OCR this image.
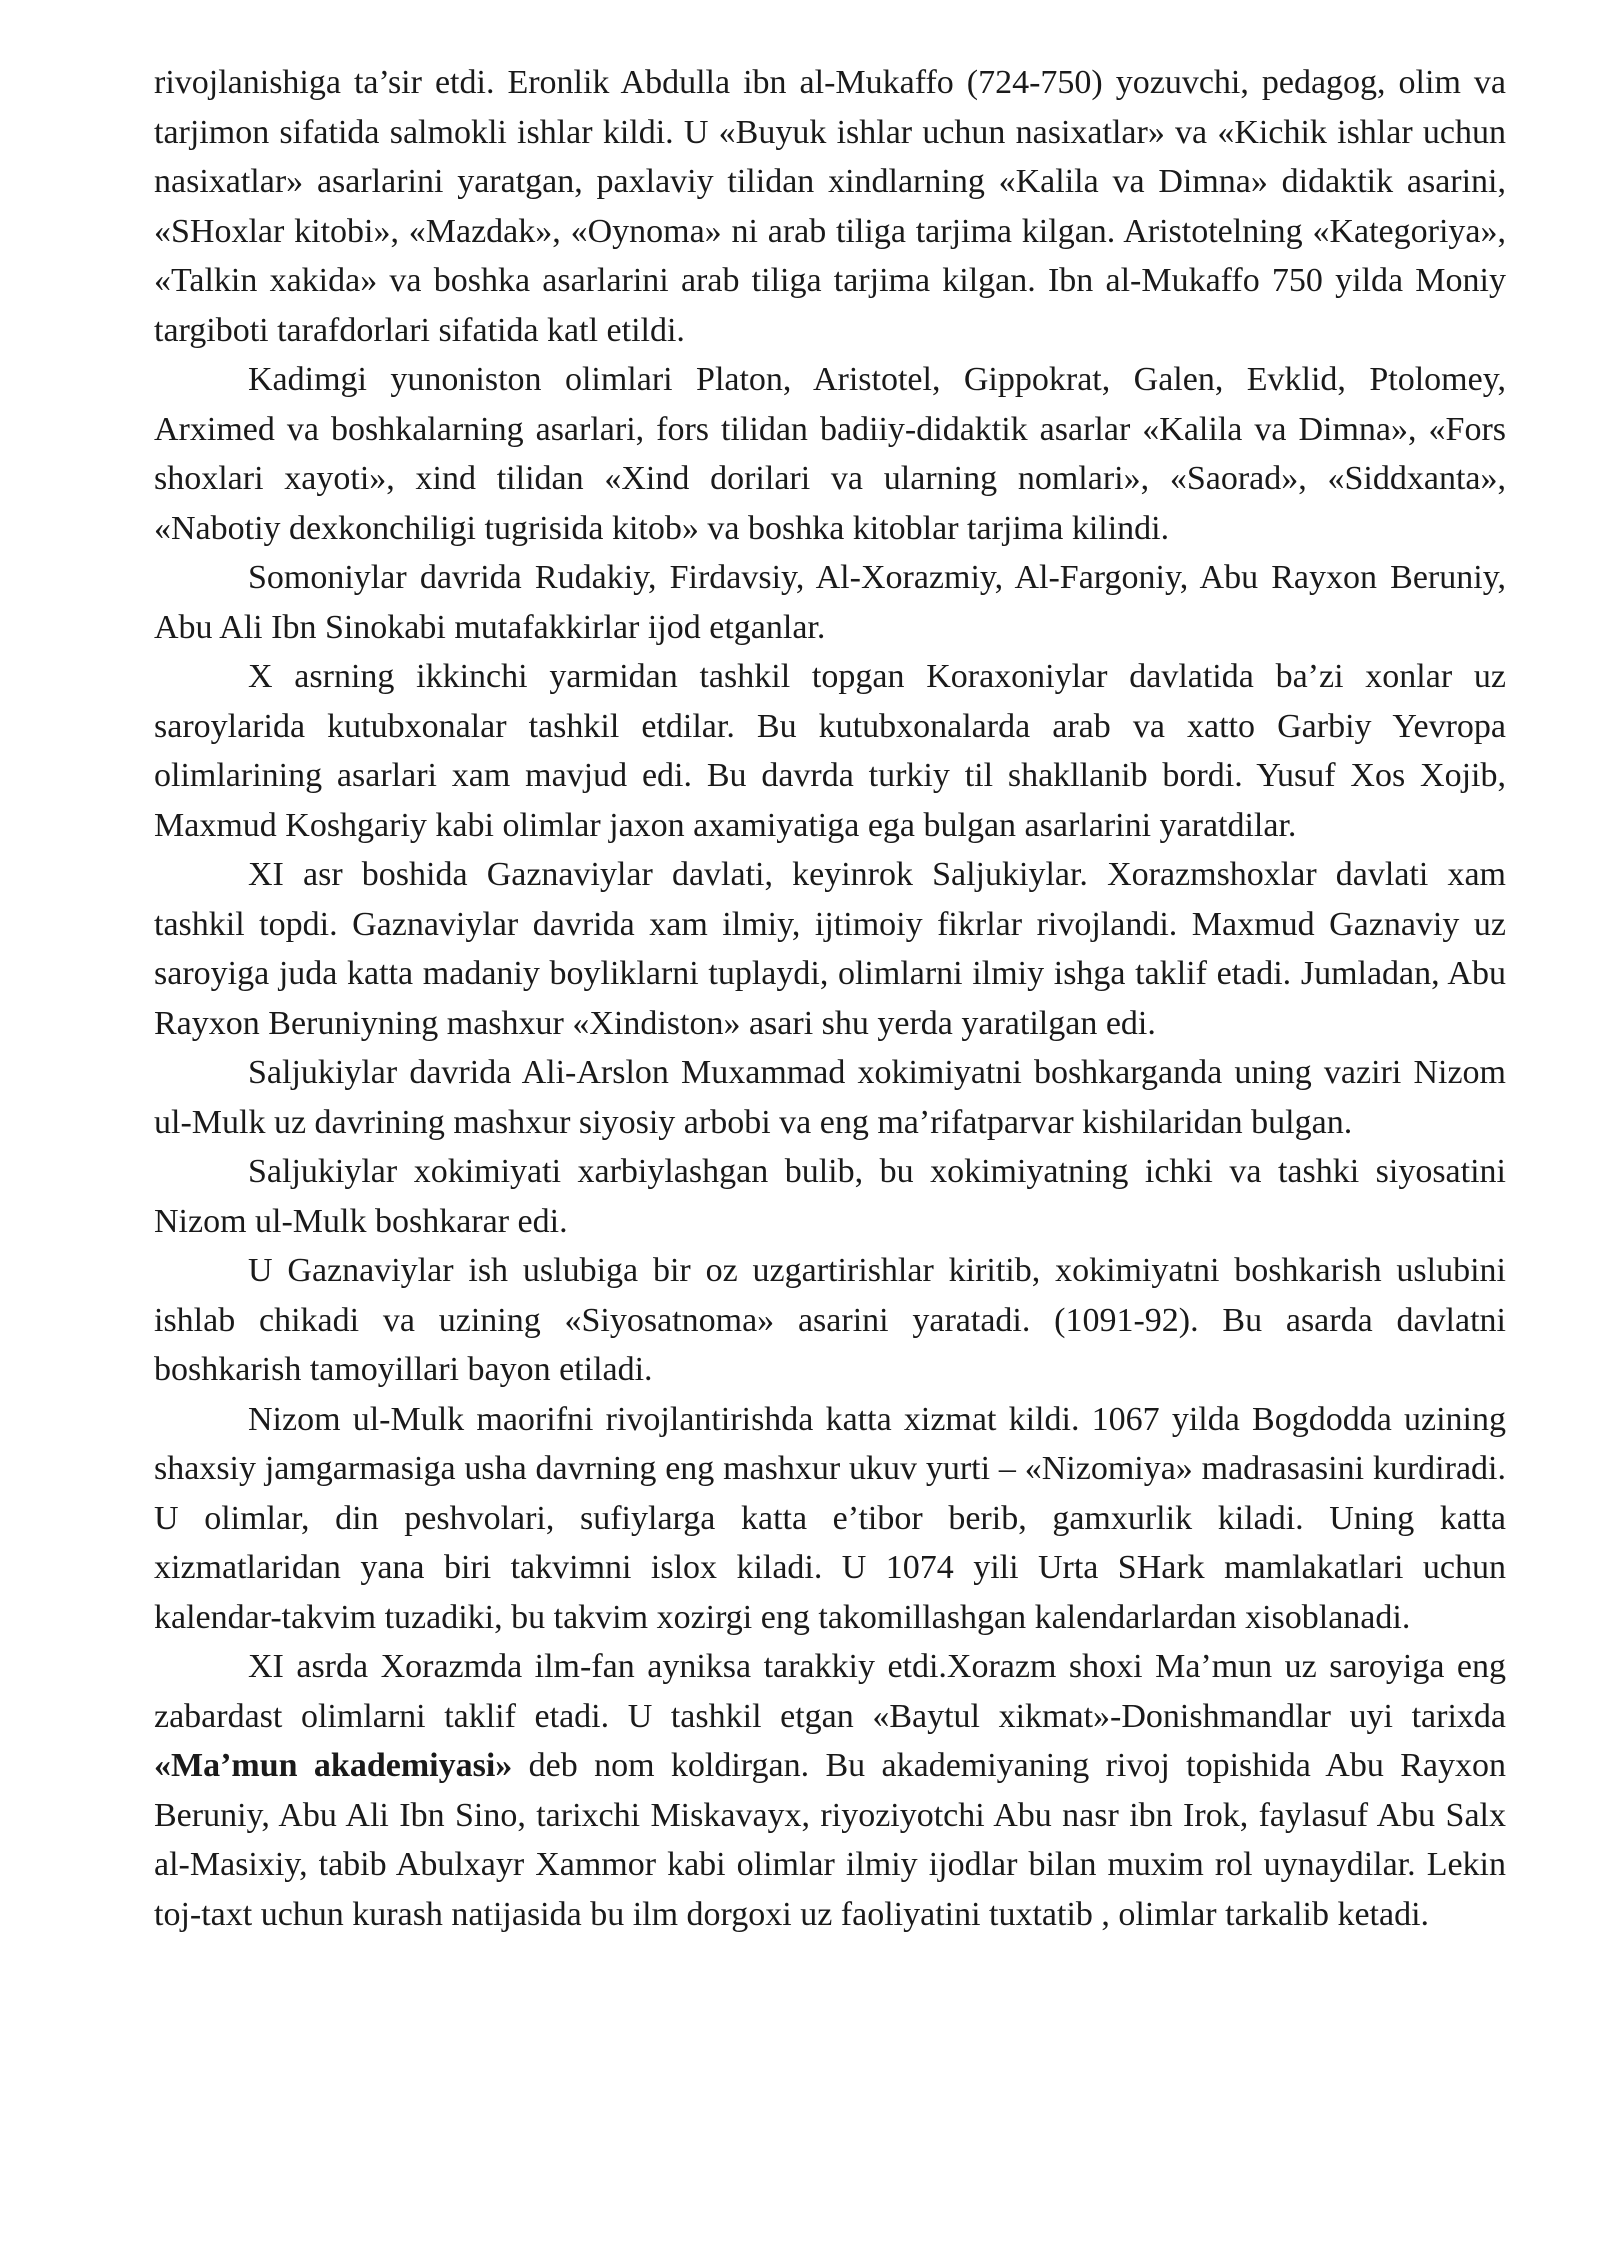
rivojlanishiga ta’sir etdi. Eronlik Abdulla ibn al-Mukaffo (724-750) yozuvchi, pedagog, olim va tarjimon sifatida salmokli ishlar kildi. U «Buyuk ishlar uchun nasixatlar» va «Kichik ishlar uchun nasixatlar» asarlarini yaratgan, paxlaviy tilidan xindlarning «Kalila va Dimna» didaktik asarini, «SHoxlar kitobi», «Mazdak», «Oynoma» ni arab tiliga tarjima kilgan. Aristotelning «Kategoriya», «Talkin xakida» va boshka asarlarini arab tiliga tarjima kilgan. Ibn al-Mukaffo 750 yilda Moniy targiboti tarafdorlari sifatida katl etildi.

Kadimgi yunoniston olimlari Platon, Aristotel, Gippokrat, Galen, Evklid, Ptolomey, Arximed va boshkalarning asarlari, fors tilidan badiiy-didaktik asarlar «Kalila va Dimna», «Fors shoxlari xayoti», xind tilidan «Xind dorilari va ularning nomlari», «Saorad», «Siddxanta», «Nabotiy dexkonchiligi tugrisida kitob» va boshka kitoblar tarjima kilindi.

Somoniylar davrida Rudakiy, Firdavsiy, Al-Xorazmiy, Al-Fargoniy, Abu Rayxon Beruniy, Abu Ali Ibn Sinokabi mutafakkirlar ijod etganlar.

X asrning ikkinchi yarmidan tashkil topgan Koraxoniylar davlatida ba’zi xonlar uz saroylarida kutubxonalar tashkil etdilar. Bu kutubxonalarda arab va xatto Garbiy Yevropa olimlarining asarlari xam mavjud edi. Bu davrda turkiy til shakllanib bordi. Yusuf Xos Xojib, Maxmud Koshgariy kabi olimlar jaxon axamiyatiga ega bulgan asarlarini yaratdilar.

XI asr boshida Gaznaviylar davlati, keyinrok Saljukiylar. Xorazmshoxlar davlati xam tashkil topdi. Gaznaviylar davrida xam ilmiy, ijtimoiy fikrlar rivojlandi. Maxmud Gaznaviy uz saroyiga juda katta madaniy boyliklarni tuplaydi, olimlarni ilmiy ishga taklif etadi. Jumladan, Abu Rayxon Beruniyning mashxur «Xindiston» asari shu yerda yaratilgan edi.

Saljukiylar davrida Ali-Arslon Muxammad xokimiyatni boshkarganda uning vaziri Nizom ul-Mulk uz davrining mashxur siyosiy arbobi va eng ma’rifatparvar kishilaridan bulgan.

Saljukiylar xokimiyati xarbiylashgan bulib, bu xokimiyatning ichki va tashki siyosatini Nizom ul-Mulk boshkarar edi.

U Gaznaviylar ish uslubiga bir oz uzgartirishlar kiritib, xokimiyatni boshkarish uslubini ishlab chikadi va uzining «Siyosatnoma» asarini yaratadi. (1091-92). Bu asarda davlatni boshkarish tamoyillari bayon etiladi.

Nizom ul-Mulk maorifni rivojlantirishda katta xizmat kildi. 1067 yilda Bogdodda uzining shaxsiy jamgarmasiga usha davrning eng mashxur ukuv yurti – «Nizomiya» madrasasini kurdiradi. U olimlar, din peshvolari, sufiylarga katta e’tibor berib, gamxurlik kiladi. Uning katta xizmatlaridan yana biri takvimni islox kiladi. U 1074 yili Urta SHark mamlakatlari uchun kalendar-takvim tuzadiki, bu takvim xozirgi eng takomillashgan kalendarlardan xisoblanadi.

XI asrda Xorazmda ilm-fan ayniksa tarakkiy etdi.Xorazm shoxi Ma’mun uz saroyiga eng zabardast olimlarni taklif etadi. U tashkil etgan «Baytul xikmat»-Donishmandlar uyi tarixda «Ma’mun akademiyasi» deb nom koldirgan. Bu akademiyaning rivoj topishida Abu Rayxon Beruniy, Abu Ali Ibn Sino, tarixchi Miskavayx, riyoziyotchi Abu nasr ibn Irok, faylasuf Abu Salx al-Masixiy, tabib Abulxayr Xammor kabi olimlar ilmiy ijodlar bilan muxim rol uynaydilar. Lekin toj-taxt uchun kurash natijasida bu ilm dorgoxi uz faoliyatini tuxtatib , olimlar tarkalib ketadi.
